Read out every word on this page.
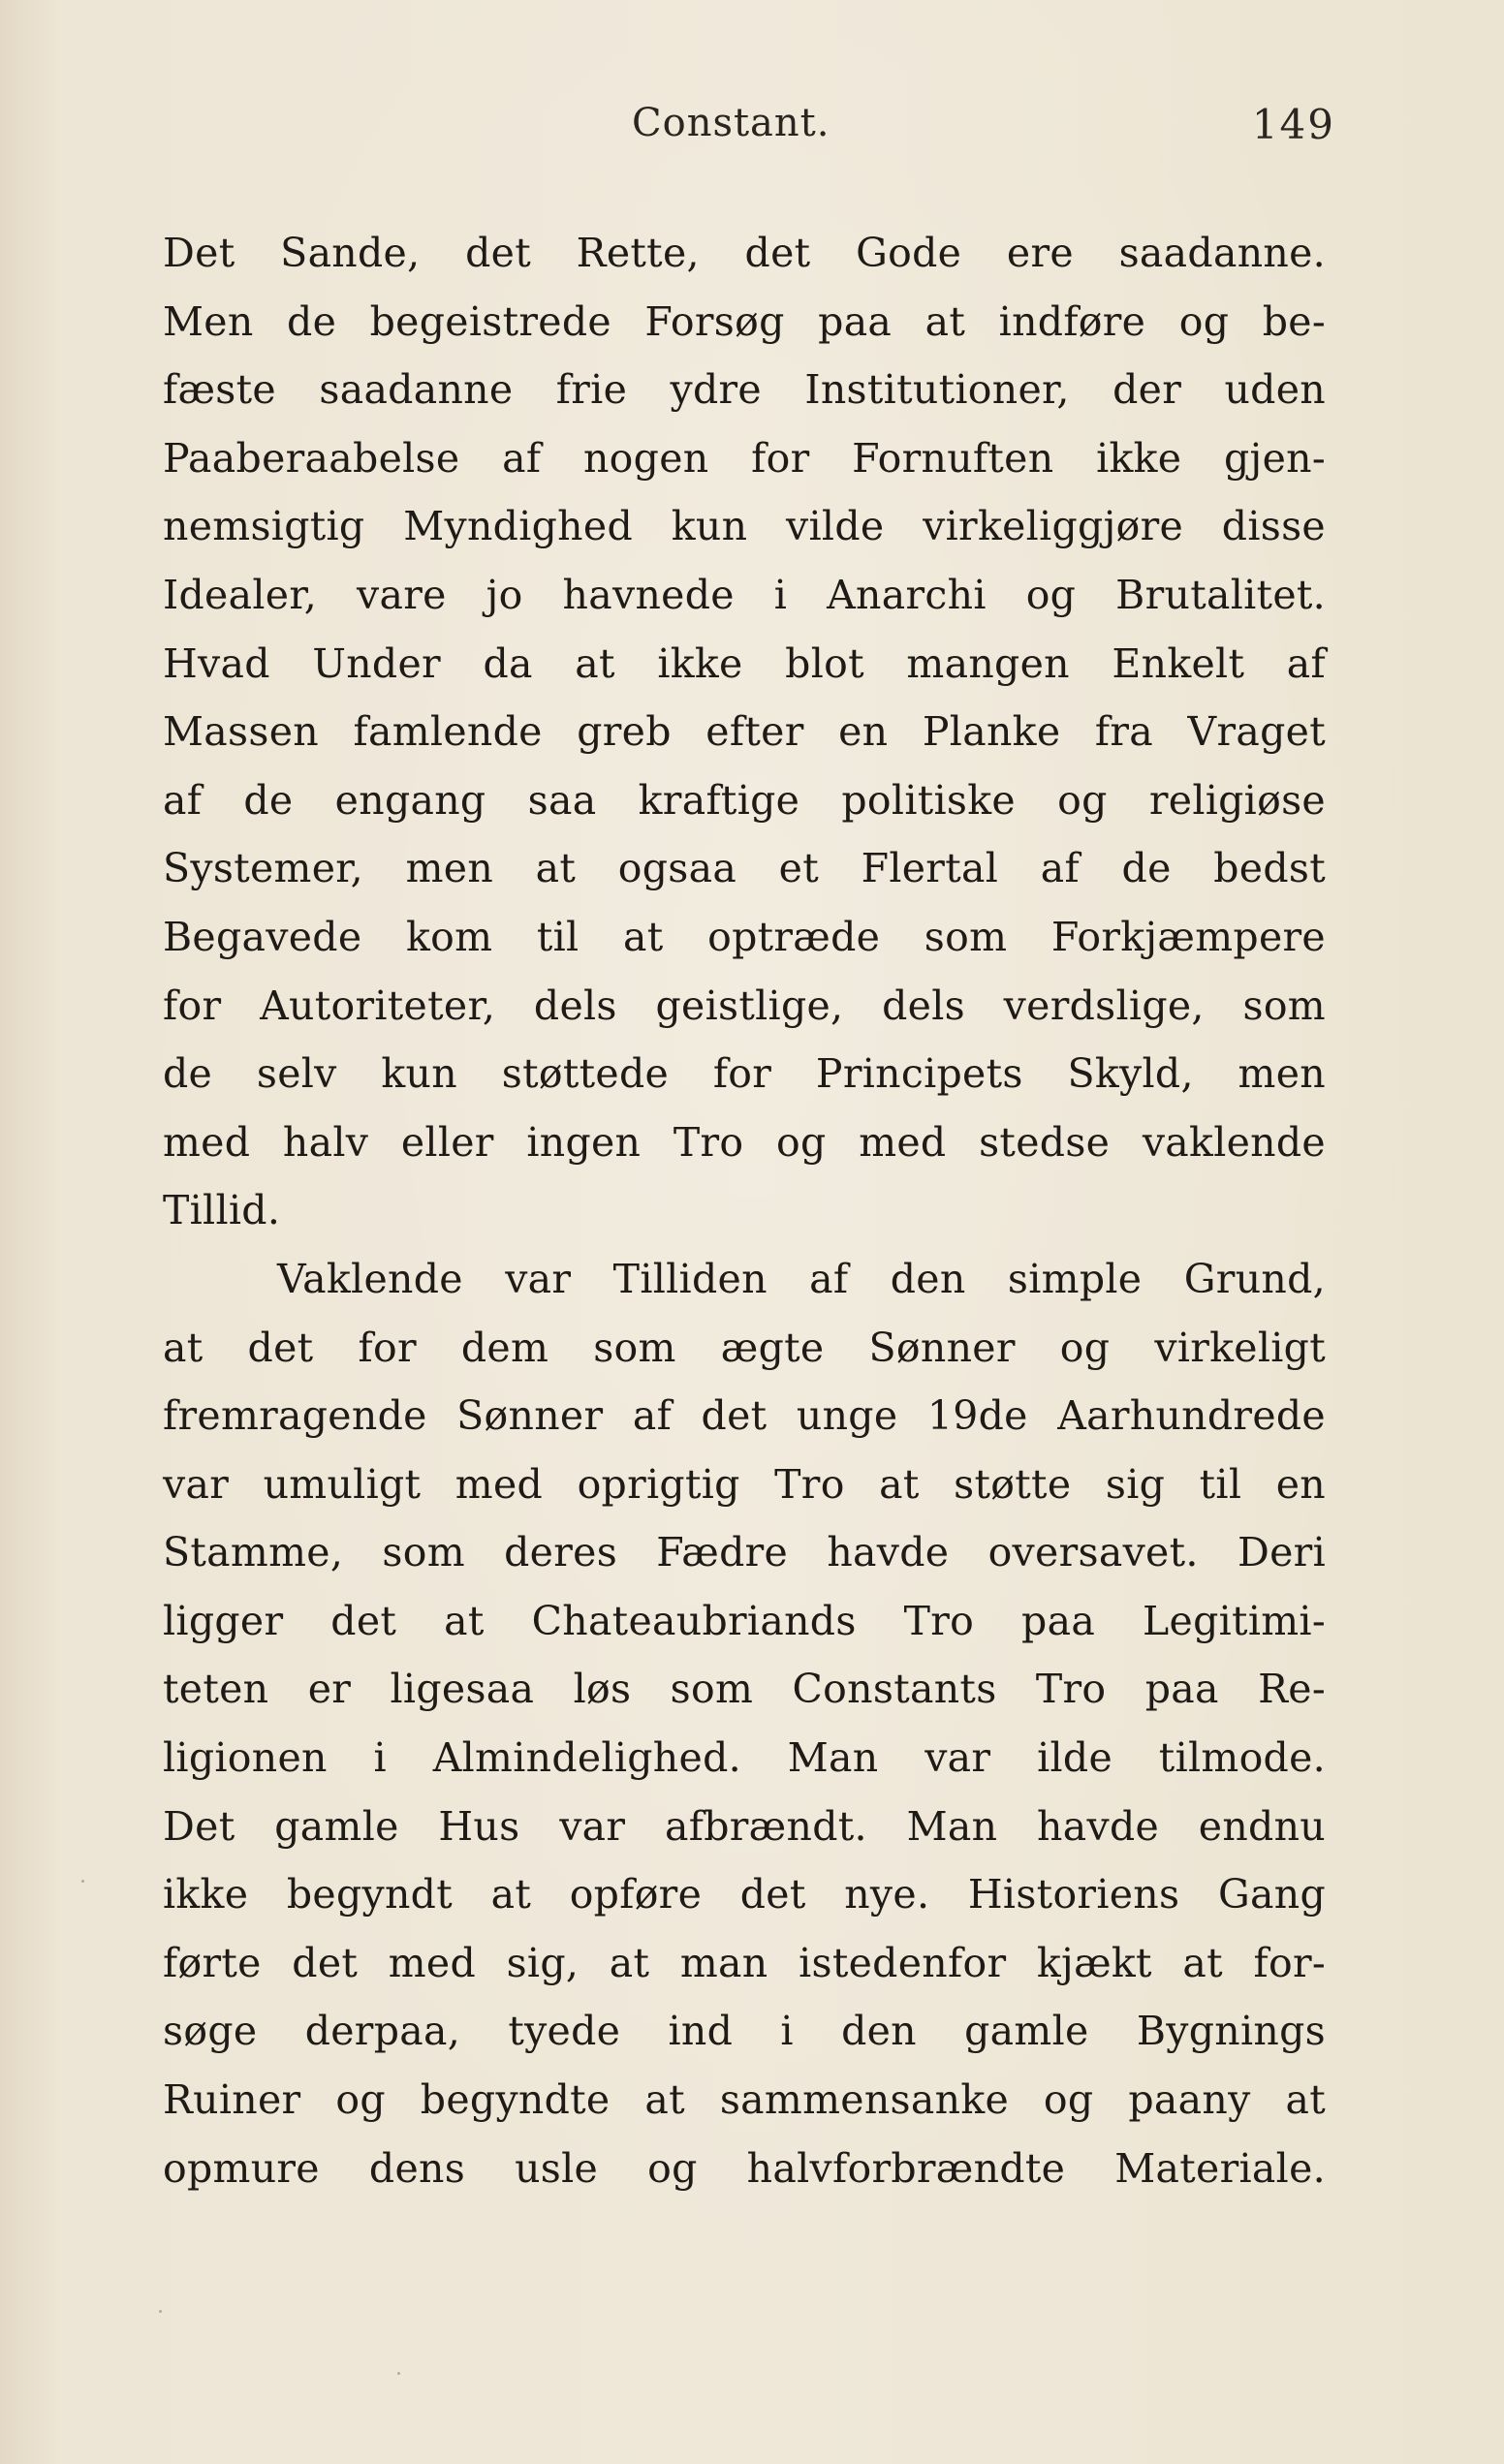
Constant.	149
Det Sande, det Rette, det Gode ere saadanne.
Men de begeistrede Forsøg paa at indføre og be-
fæste saadanne frie ydre Institutioner, der uden
Paaberaabelse af nogen for Fornuften ikke gjen-
nemsigtig Myndighed kun vilde virkeliggjøre disse
Idealer, vare jo havnede i Anarchi og Brutalitet.
Hvad Under da at ikke blot mangen Enkelt af
Massen famlende greb efter en Planke fra Vraget
af de engang saa kraftige politiske og religiøse
Systemer, men at ogsaa et Flertal af de bedst
Begavede kom til at optræde som Forkjæmpere
for Autoriteter, dels geistlige, dels verdslige, som
de selv kun støttede for Principets Skyld, men
med halv eller ingen Tro og med stedse vaklende
Tillid.
Vaklende var Tilliden af den simple Grund,
at det for dem som ægte Sønner og virkeligt
fremragende Sønner af det unge 19de Aarhundrede
var umuligt med oprigtig Tro at støtte sig til en
Stamme, som deres Fædre havde oversavet. Deri
ligger det at Chateaubriands Tro paa Legitimi-
teten er ligesaa løs som Constants Tro paa Re-
ligionen i Almindelighed. Man var ilde tilmode.
Det gamle Hus var afbrændt. Man havde endnu
ikke begyndt at opføre det nye. Historiens Gang
førte det med sig, at man istedenfor kjækt at for-
søge derpaa, tyede ind i den gamle Bygnings
Ruiner og begyndte at sammensanke og paany at
opmure dens usle og halvforbrændte Materiale.
